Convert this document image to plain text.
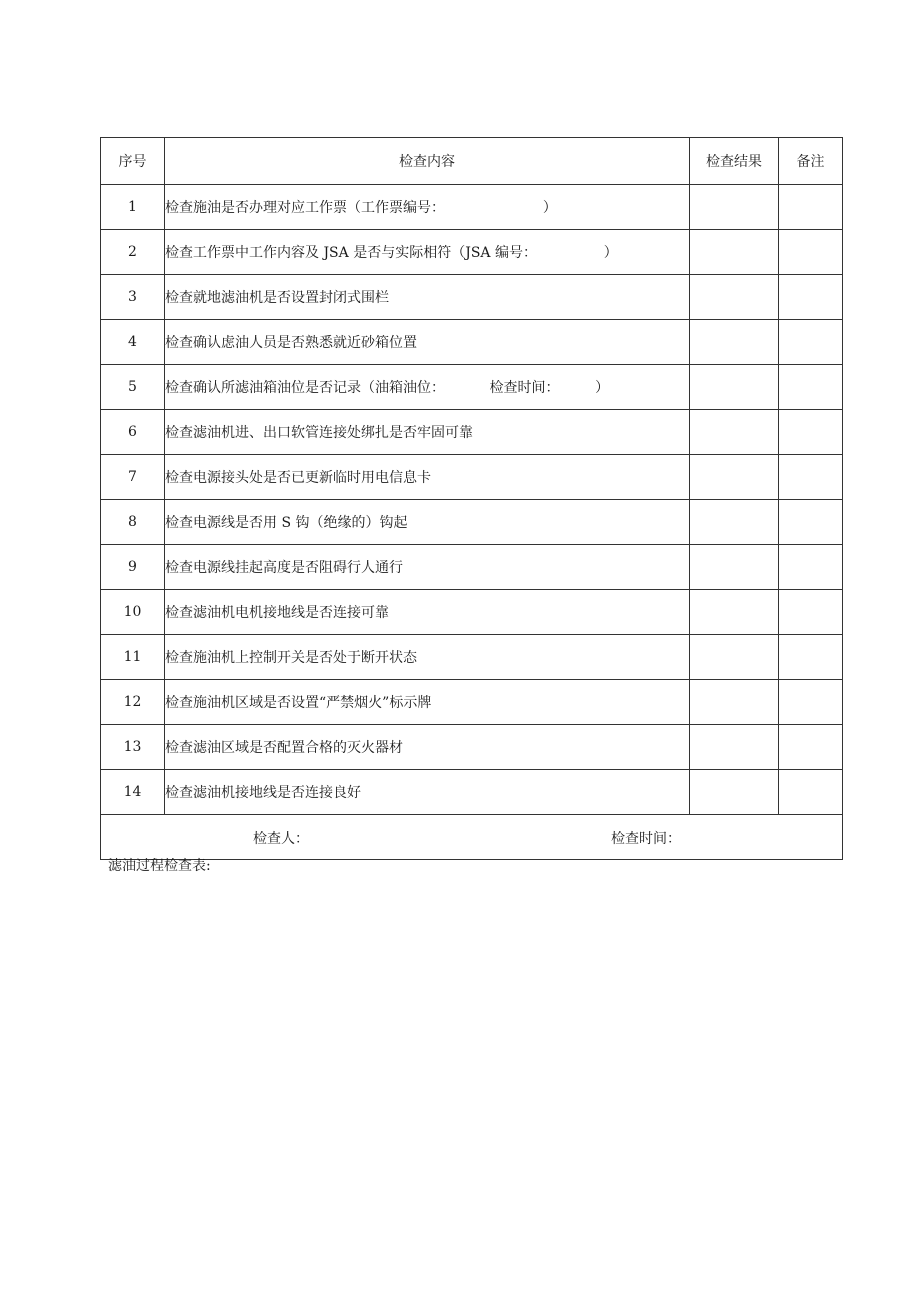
序号	检查内容	检查结果	备注
1	检查施油是否办理对应工作票（工作票编号：                      ）		
2	检查工作票中工作内容及 JSA 是否与实际相符（JSA 编号：               ）		
3	检查就地滤油机是否设置封闭式围栏		
4	检查确认虑油人员是否熟悉就近砂箱位置		
5	检查确认所滤油箱油位是否记录（油箱油位：          检查时间：        ）		
6	检查滤油机进、出口软管连接处绑扎是否牢固可靠		
7	检查电源接头处是否已更新临时用电信息卡		
8	检查电源线是否用 S 钩（绝缘的）钩起		
9	检查电源线挂起高度是否阻碍行人通行		
10	检查滤油机电机接地线是否连接可靠		
11	检查施油机上控制开关是否处于断开状态		
12	检查施油机区域是否设置“严禁烟火”标示牌		
13	检查滤油区域是否配置合格的灭火器材		
14	检查滤油机接地线是否连接良好		

检查人： 检查时间：			
滤油过程检查表:
